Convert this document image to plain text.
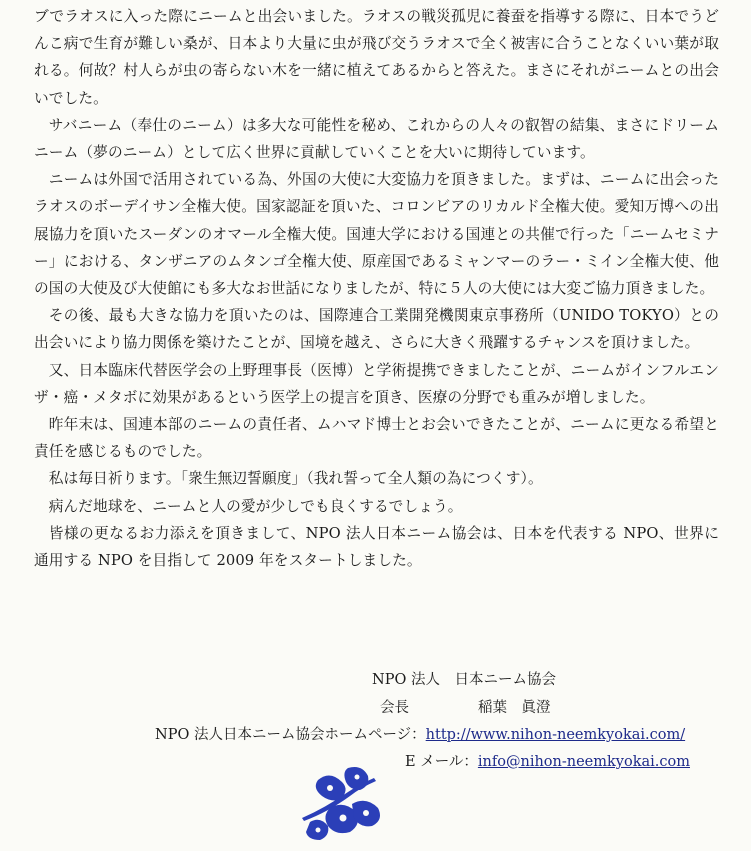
ブでラオスに入った際にニームと出会いました。ラオスの戦災孤児に養蚕を指導する際に、日本でうどんこ病で生育が難しい桑が、日本より大量に虫が飛び交うラオスで全く被害に合うことなくいい葉が取れる。何故？村人らが虫の寄らない木を一緒に植えてあるからと答えた。まさにそれがニームとの出会いでした。

サバニーム（奉仕のニーム）は多大な可能性を秘め、これからの人々の叡智の結集、まさにドリームニーム（夢のニーム）として広く世界に貢献していくことを大いに期待しています。

ニームは外国で活用されている為、外国の大使に大変協力を頂きました。まずは、ニームに出会ったラオスのボーデイサン全権大使。国家認証を頂いた、コロンビアのリカルド全権大使。愛知万博への出展協力を頂いたスーダンのオマール全権大使。国連大学における国連との共催で行った「ニームセミナー」における、タンザニアのムタンゴ全権大使、原産国であるミャンマーのラー・ミイン全権大使、他の国の大使及び大使館にも多大なお世話になりましたが、特に５人の大使には大変ご協力頂きました。

その後、最も大きな協力を頂いたのは、国際連合工業開発機関東京事務所（UNIDO TOKYO）との出会いにより協力関係を築けたことが、国境を越え、さらに大きく飛躍するチャンスを頂けました。

又、日本臨床代替医学会の上野理事長（医博）と学術提携できましたことが、ニームがインフルエンザ・癌・メタボに効果があるという医学上の提言を頂き、医療の分野でも重みが増しました。

昨年末は、国連本部のニームの責任者、ムハマド博士とお会いできたことが、ニームに更なる希望と責任を感じるものでした。

私は毎日祈ります。「衆生無辺誓願度」（我れ誓って全人類の為につくす）。

病んだ地球を、ニームと人の愛が少しでも良くするでしょう。

皆様の更なるお力添えを頂きまして、NPO 法人日本ニーム協会は、日本を代表する NPO、世界に通用する NPO を目指して 2009 年をスタートしました。

NPO 法人　日本ニーム協会
会長	稲葉　眞澄
NPO 法人日本ニーム協会ホームページ：http://www.nihon-neemkyokai.com/
E メール：info@nihon-neemkyokai.com
